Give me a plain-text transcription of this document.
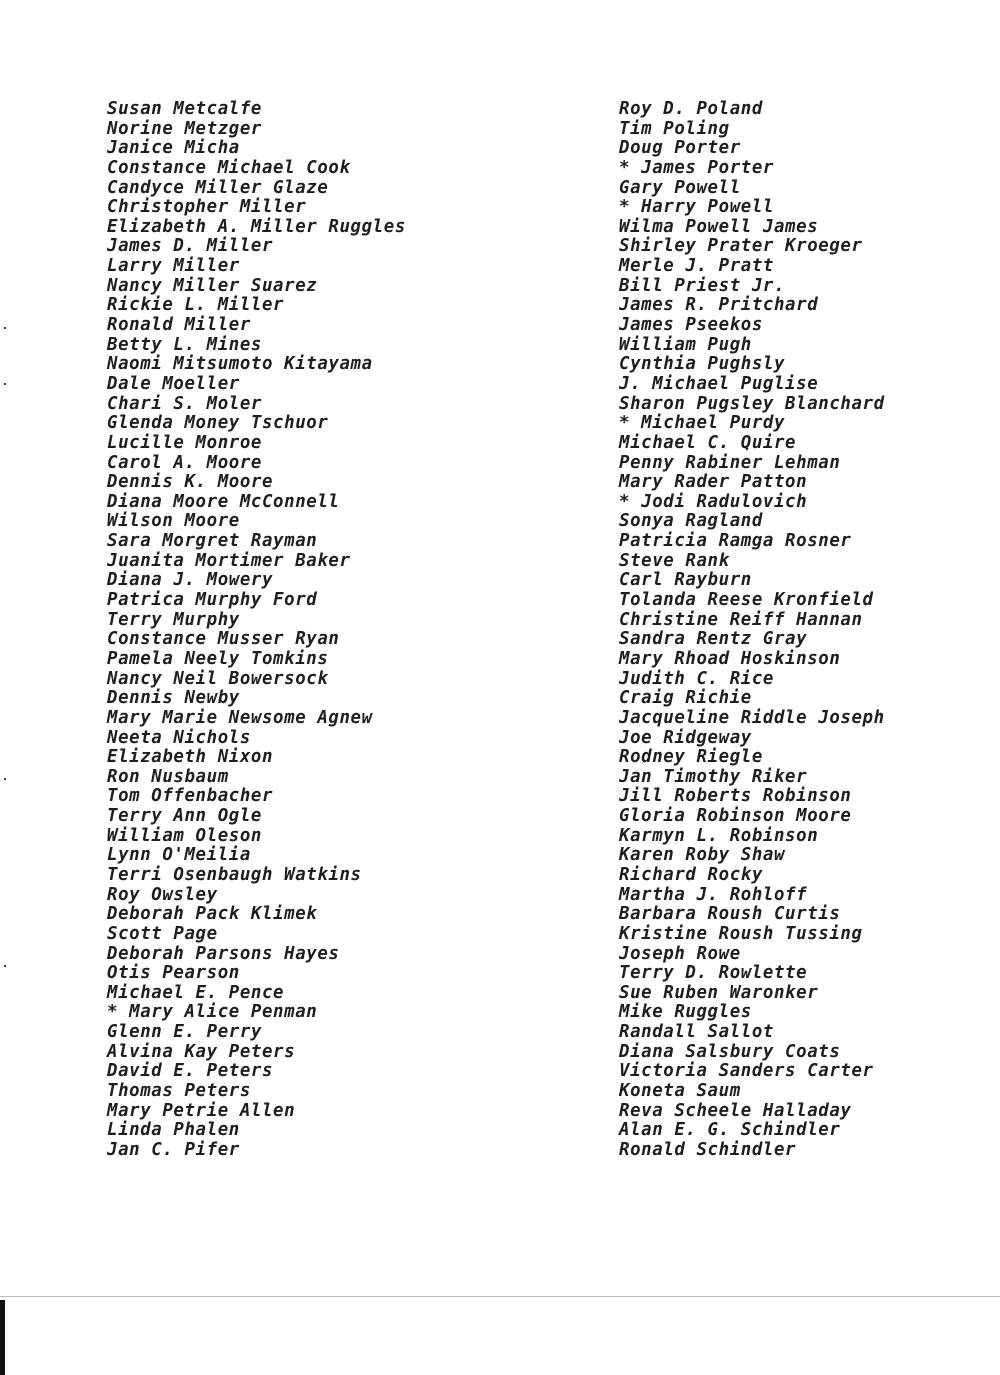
Susan Metcalfe
Norine Metzger
Janice Micha
Constance Michael Cook
Candyce Miller Glaze
Christopher Miller
Elizabeth A. Miller Ruggles
James D. Miller
Larry Miller
Nancy Miller Suarez
Rickie L. Miller
Ronald Miller
Betty L. Mines
Naomi Mitsumoto Kitayama
Dale Moeller
Chari S. Moler
Glenda Money Tschuor
Lucille Monroe
Carol A. Moore
Dennis K. Moore
Diana Moore McConnell
Wilson Moore
Sara Morgret Rayman
Juanita Mortimer Baker
Diana J. Mowery
Patrica Murphy Ford
Terry Murphy
Constance Musser Ryan
Pamela Neely Tomkins
Nancy Neil Bowersock
Dennis Newby
Mary Marie Newsome Agnew
Neeta Nichols
Elizabeth Nixon
Ron Nusbaum
Tom Offenbacher
Terry Ann Ogle
William Oleson
Lynn O'Meilia
Terri Osenbaugh Watkins
Roy Owsley
Deborah Pack Klimek
Scott Page
Deborah Parsons Hayes
Otis Pearson
Michael E. Pence
* Mary Alice Penman
Glenn E. Perry
Alvina Kay Peters
David E. Peters
Thomas Peters
Mary Petrie Allen
Linda Phalen
Jan C. Pifer
Roy D. Poland
Tim Poling
Doug Porter
* James Porter
Gary Powell
* Harry Powell
Wilma Powell James
Shirley Prater Kroeger
Merle J. Pratt
Bill Priest Jr.
James R. Pritchard
James Pseekos
William Pugh
Cynthia Pughsly
J. Michael Puglise
Sharon Pugsley Blanchard
* Michael Purdy
Michael C. Quire
Penny Rabiner Lehman
Mary Rader Patton
* Jodi Radulovich
Sonya Ragland
Patricia Ramga Rosner
Steve Rank
Carl Rayburn
Tolanda Reese Kronfield
Christine Reiff Hannan
Sandra Rentz Gray
Mary Rhoad Hoskinson
Judith C. Rice
Craig Richie
Jacqueline Riddle Joseph
Joe Ridgeway
Rodney Riegle
Jan Timothy Riker
Jill Roberts Robinson
Gloria Robinson Moore
Karmyn L. Robinson
Karen Roby Shaw
Richard Rocky
Martha J. Rohloff
Barbara Roush Curtis
Kristine Roush Tussing
Joseph Rowe
Terry D. Rowlette
Sue Ruben Waronker
Mike Ruggles
Randall Sallot
Diana Salsbury Coats
Victoria Sanders Carter
Koneta Saum
Reva Scheele Halladay
Alan E. G. Schindler
Ronald Schindler
